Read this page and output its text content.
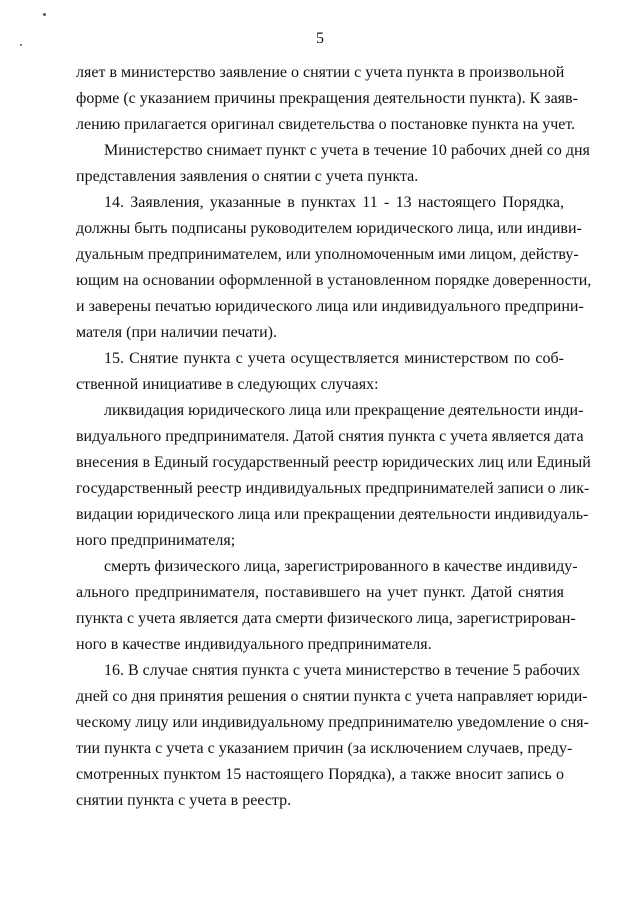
5
ляет в министерство заявление о снятии с учета пункта в произвольной
форме (с указанием причины прекращения деятельности пункта). К заяв-
лению прилагается оригинал свидетельства о постановке пункта на учет.
Министерство снимает пункт с учета в течение 10 рабочих дней со дня
представления заявления о снятии с учета пункта.
14. Заявления, указанные в пунктах 11 - 13 настоящего Порядка,
должны быть подписаны руководителем юридического лица, или индиви-
дуальным предпринимателем, или уполномоченным ими лицом, действу-
ющим на основании оформленной в установленном порядке доверенности,
и заверены печатью юридического лица или индивидуального предприни-
мателя (при наличии печати).
15. Снятие пункта с учета осуществляется министерством по соб-
ственной инициативе в следующих случаях:
ликвидация юридического лица или прекращение деятельности инди-
видуального предпринимателя. Датой снятия пункта с учета является дата
внесения в Единый государственный реестр юридических лиц или Единый
государственный реестр индивидуальных предпринимателей записи о лик-
видации юридического лица или прекращении деятельности индивидуаль-
ного предпринимателя;
смерть физического лица, зарегистрированного в качестве индивиду-
ального предпринимателя, поставившего на учет пункт. Датой снятия
пункта с учета является дата смерти физического лица, зарегистрирован-
ного в качестве индивидуального предпринимателя.
16. В случае снятия пункта с учета министерство в течение 5 рабочих
дней со дня принятия решения о снятии пункта с учета направляет юриди-
ческому лицу или индивидуальному предпринимателю уведомление о сня-
тии пункта с учета с указанием причин (за исключением случаев, преду-
смотренных пунктом 15 настоящего Порядка), а также вносит запись о
снятии пункта с учета в реестр.
